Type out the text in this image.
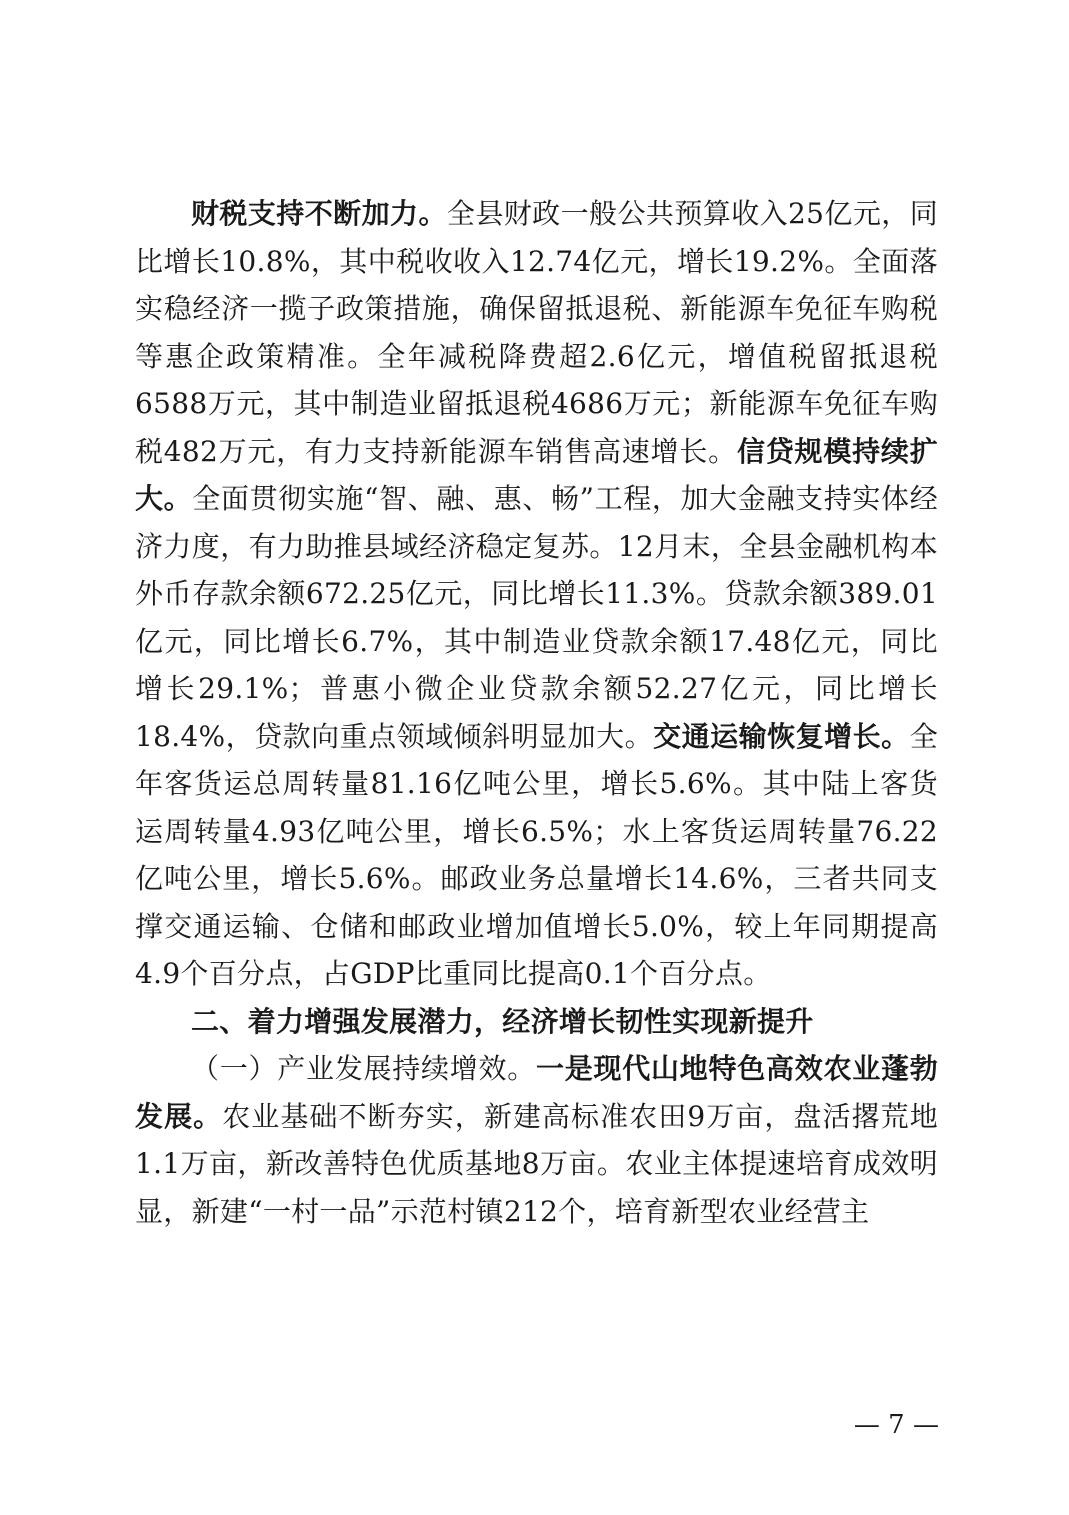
财税支持不断加力。全县财政一般公共预算收入25亿元，同比增长10.8%，其中税收收入12.74亿元，增长19.2%。全面落实稳经济一揽子政策措施，确保留抵退税、新能源车免征车购税等惠企政策精准。全年减税降费超2.6亿元，增值税留抵退税6588万元，其中制造业留抵退税4686万元；新能源车免征车购税482万元，有力支持新能源车销售高速增长。信贷规模持续扩大。全面贯彻实施“智、融、惠、畅”工程，加大金融支持实体经济力度，有力助推县域经济稳定复苏。12月末，全县金融机构本外币存款余额672.25亿元，同比增长11.3%。贷款余额389.01亿元，同比增长6.7%，其中制造业贷款余额17.48亿元，同比增长29.1%；普惠小微企业贷款余额52.27亿元，同比增长18.4%，贷款向重点领域倾斜明显加大。交通运输恢复增长。全年客货运总周转量81.16亿吨公里，增长5.6%。其中陆上客货运周转量4.93亿吨公里，增长6.5%；水上客货运周转量76.22亿吨公里，增长5.6%。邮政业务总量增长14.6%，三者共同支撑交通运输、仓储和邮政业增加值增长5.0%，较上年同期提高4.9个百分点，占GDP比重同比提高0.1个百分点。

二、着力增强发展潜力，经济增长韧性实现新提升

（一）产业发展持续增效。一是现代山地特色高效农业蓬勃发展。农业基础不断夯实，新建高标准农田9万亩，盘活撂荒地1.1万亩，新改善特色优质基地8万亩。农业主体提速培育成效明显，新建“一村一品”示范村镇212个，培育新型农业经营主

— 7 —
